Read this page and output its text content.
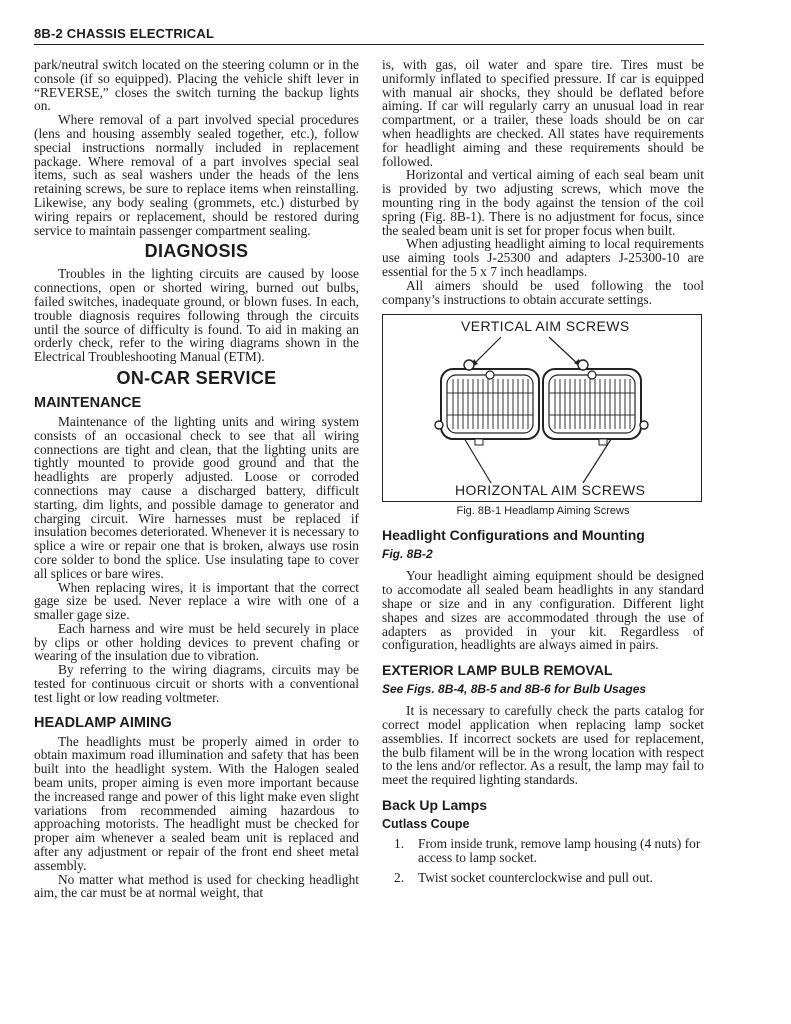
8B-2 CHASSIS ELECTRICAL

park/neutral switch located on the steering column or in the console (if so equipped). Placing the vehicle shift lever in “REVERSE,” closes the switch turning the backup lights on.

Where removal of a part involved special procedures (lens and housing assembly sealed together, etc.), follow special instructions normally included in replacement package. Where removal of a part involves special seal items, such as seal washers under the heads of the lens retaining screws, be sure to replace items when reinstalling. Likewise, any body sealing (grommets, etc.) disturbed by wiring repairs or replacement, should be restored during service to maintain passenger compartment sealing.

DIAGNOSIS

Troubles in the lighting circuits are caused by loose connections, open or shorted wiring, burned out bulbs, failed switches, inadequate ground, or blown fuses. In each, trouble diagnosis requires following through the circuits until the source of difficulty is found. To aid in making an orderly check, refer to the wiring diagrams shown in the Electrical Troubleshooting Manual (ETM).

ON-CAR SERVICE
MAINTENANCE

Maintenance of the lighting units and wiring system consists of an occasional check to see that all wiring connections are tight and clean, that the lighting units are tightly mounted to provide good ground and that the headlights are properly adjusted. Loose or corroded connections may cause a discharged battery, difficult starting, dim lights, and possible damage to generator and charging circuit. Wire harnesses must be replaced if insulation becomes deteriorated. Whenever it is necessary to splice a wire or repair one that is broken, always use rosin core solder to bond the splice. Use insulating tape to cover all splices or bare wires.

When replacing wires, it is important that the correct gage size be used. Never replace a wire with one of a smaller gage size.

Each harness and wire must be held securely in place by clips or other holding devices to prevent chafing or wearing of the insulation due to vibration.

By referring to the wiring diagrams, circuits may be tested for continuous circuit or shorts with a conventional test light or low reading voltmeter.

HEADLAMP AIMING

The headlights must be properly aimed in order to obtain maximum road illumination and safety that has been built into the headlight system. With the Halogen sealed beam units, proper aiming is even more important because the increased range and power of this light make even slight variations from recommended aiming hazardous to approaching motorists. The headlight must be checked for proper aim whenever a sealed beam unit is replaced and after any adjustment or repair of the front end sheet metal assembly.

No matter what method is used for checking headlight aim, the car must be at normal weight, that

is, with gas, oil water and spare tire. Tires must be uniformly inflated to specified pressure. If car is equipped with manual air shocks, they should be deflated before aiming. If car will regularly carry an unusual load in rear compartment, or a trailer, these loads should be on car when headlights are checked. All states have requirements for headlight aiming and these requirements should be followed.

Horizontal and vertical aiming of each seal beam unit is provided by two adjusting screws, which move the mounting ring in the body against the tension of the coil spring (Fig. 8B-1). There is no adjustment for focus, since the sealed beam unit is set for proper focus when built.

When adjusting headlight aiming to local requirements use aiming tools J-25300 and adapters J-25300-10 are essential for the 5 x 7 inch headlamps.

All aimers should be used following the tool company’s instructions to obtain accurate settings.

VERTICAL AIM SCREWS
HORIZONTAL AIM SCREWS
Fig. 8B-1 Headlamp Aiming Screws
Headlight Configurations and Mounting
Fig. 8B-2

Your headlight aiming equipment should be designed to accomodate all sealed beam headlights in any standard shape or size and in any configuration. Different light shapes and sizes are accommodated through the use of adapters as provided in your kit. Regardless of configuration, headlights are always aimed in pairs.

EXTERIOR LAMP BULB REMOVAL
See Figs. 8B-4, 8B-5 and 8B-6 for Bulb Usages

It is necessary to carefully check the parts catalog for correct model application when replacing lamp socket assemblies. If incorrect sockets are used for replacement, the bulb filament will be in the wrong location with respect to the lens and/or reflector. As a result, the lamp may fail to meet the required lighting standards.

Back Up Lamps
Cutlass Coupe
1. From inside trunk, remove lamp housing (4 nuts) for access to lamp socket.
2. Twist socket counterclockwise and pull out.
